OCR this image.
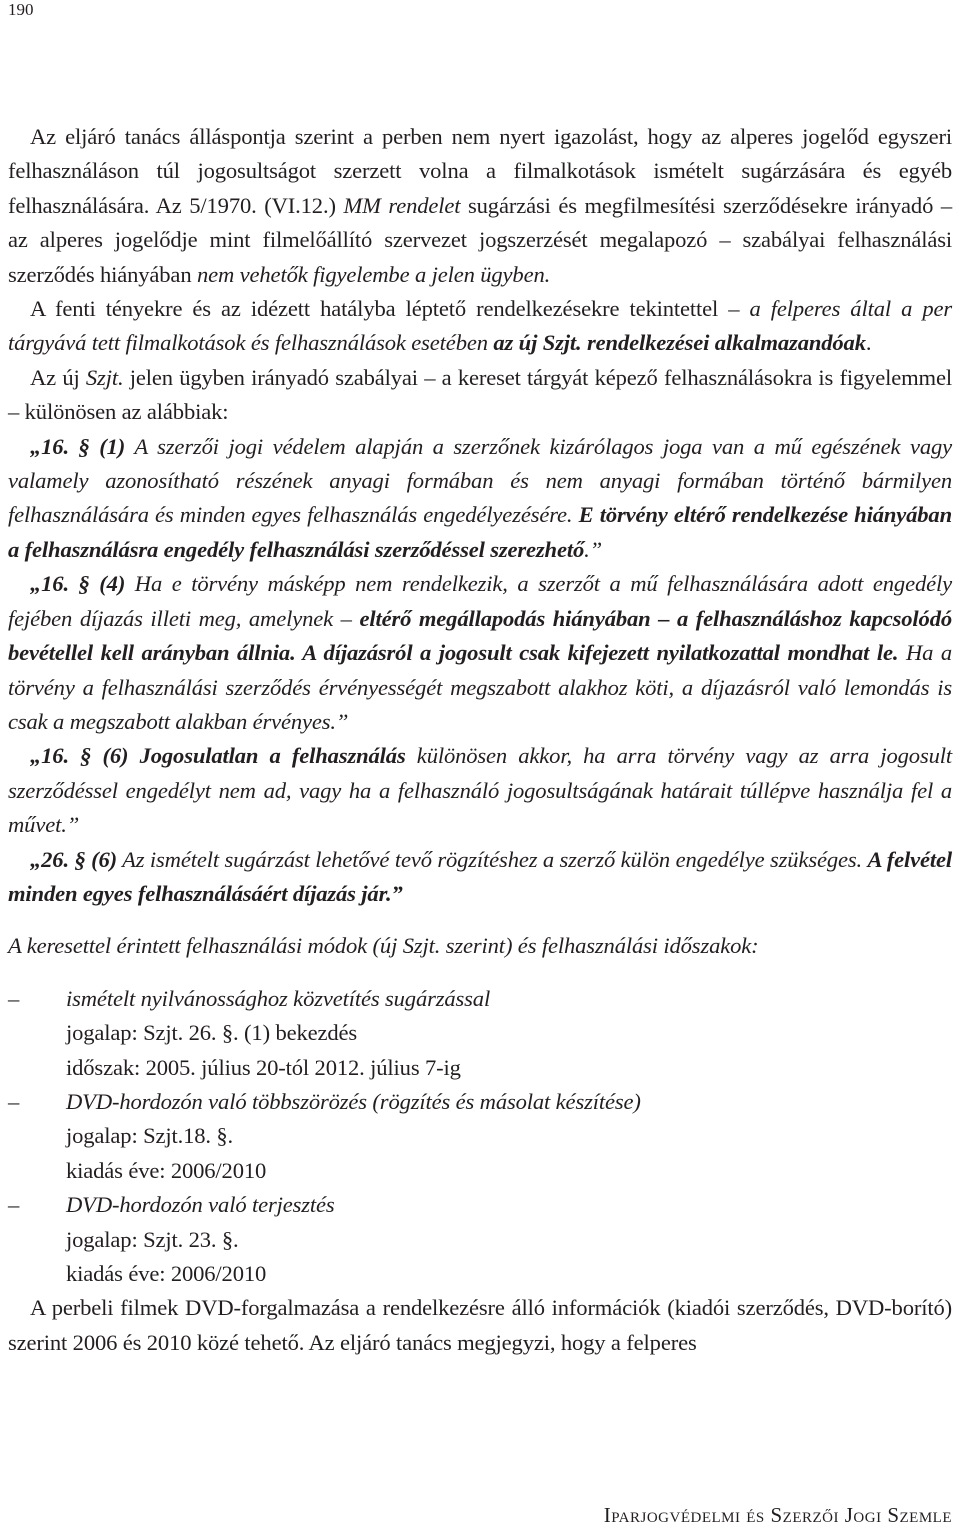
190

Az eljáró tanács álláspontja szerint a perben nem nyert igazolást, hogy az alperes jogelőd egyszeri felhasználáson túl jogosultságot szerzett volna a filmalkotások ismételt sugárzására és egyéb felhasználására. Az 5/1970. (VI.12.) MM rendelet sugárzási és megfilmesítési szerződésekre irányadó – az alperes jogelődje mint filmelőállító szervezet jogszerzését megalapozó – szabályai felhasználási szerződés hiányában nem vehetők figyelembe a jelen ügyben.

A fenti tényekre és az idézett hatályba léptető rendelkezésekre tekintettel – a felperes által a per tárgyává tett filmalkotások és felhasználások esetében az új Szjt. rendelkezései alkalmazandóak.

Az új Szjt. jelen ügyben irányadó szabályai – a kereset tárgyát képező felhasználásokra is figyelemmel – különösen az alábbiak:

„16. § (1) A szerzői jogi védelem alapján a szerzőnek kizárólagos joga van a mű egészének vagy valamely azonosítható részének anyagi formában és nem anyagi formában történő bármilyen felhasználására és minden egyes felhasználás engedélyezésére. E törvény eltérő rendelkezése hiányában a felhasználásra engedély felhasználási szerződéssel szerezhető.”

„16. § (4) Ha e törvény másképp nem rendelkezik, a szerzőt a mű felhasználására adott engedély fejében díjazás illeti meg, amelynek – eltérő megállapodás hiányában – a felhasználáshoz kapcsolódó bevétellel kell arányban állnia. A díjazásról a jogosult csak kifejezett nyilatkozattal mondhat le. Ha a törvény a felhasználási szerződés érvényességét megszabott alakhoz köti, a díjazásról való lemondás is csak a megszabott alakban érvényes.”

„16. § (6) Jogosulatlan a felhasználás különösen akkor, ha arra törvény vagy az arra jogosult szerződéssel engedélyt nem ad, vagy ha a felhasználó jogosultságának határait túllépve használja fel a művet.”

„26. § (6) Az ismételt sugárzást lehetővé tevő rögzítéshez a szerző külön engedélye szükséges. A felvétel minden egyes felhasználásáért díjazás jár.”

A keresettel érintett felhasználási módok (új Szjt. szerint) és felhasználási időszakok:

– ismételt nyilvánossághoz közvetítés sugárzással
jogalap: Szjt. 26. §. (1) bekezdés
időszak: 2005. július 20-tól 2012. július 7-ig
– DVD-hordozón való többszörözés (rögzítés és másolat készítése)
jogalap: Szjt.18. §.
kiadás éve: 2006/2010
– DVD-hordozón való terjesztés
jogalap: Szjt. 23. §.
kiadás éve: 2006/2010

A perbeli filmek DVD-forgalmazása a rendelkezésre álló információk (kiadói szerződés, DVD-borító) szerint 2006 és 2010 közé tehető. Az eljáró tanács megjegyzi, hogy a felperes

Iparjogvédelmi és Szerzői Jogi Szemle
